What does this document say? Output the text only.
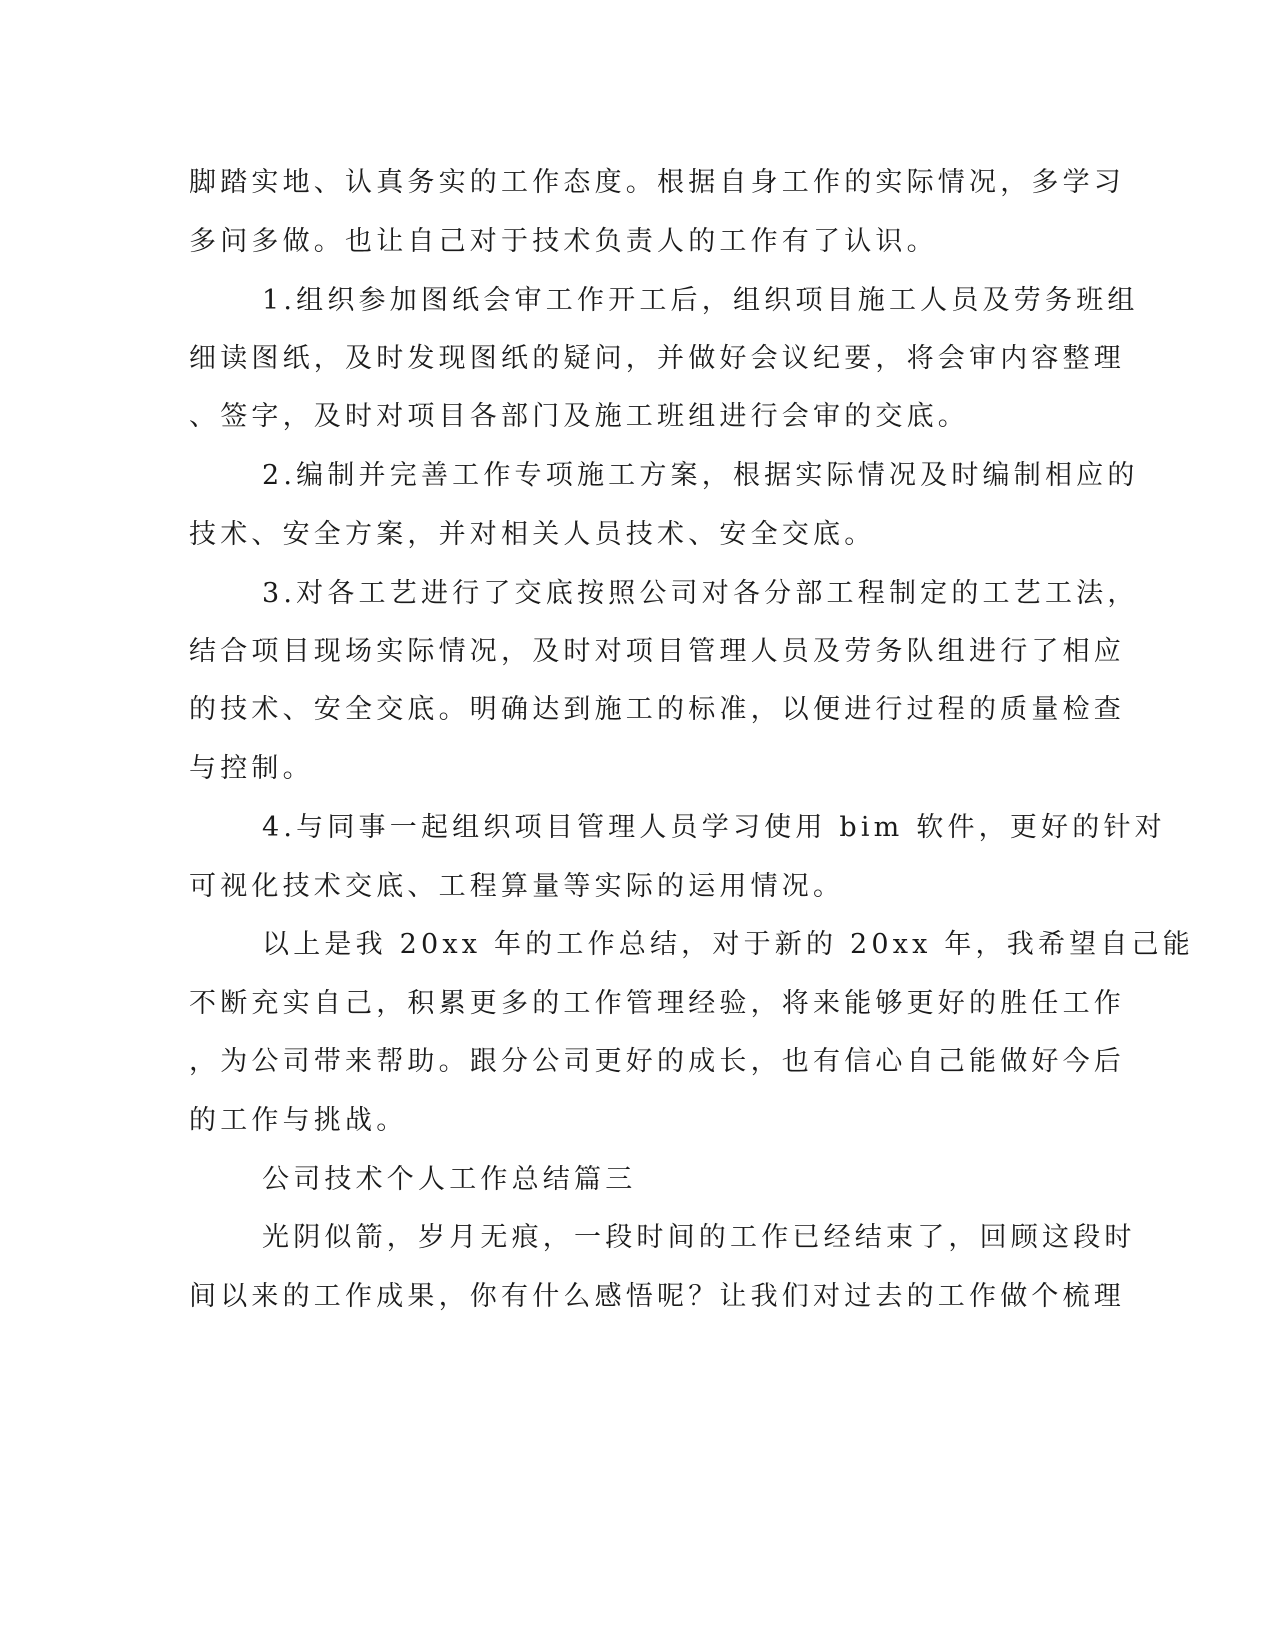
脚踏实地、认真务实的工作态度。根据自身工作的实际情况，多学习
多问多做。也让自己对于技术负责人的工作有了认识。
1.组织参加图纸会审工作开工后，组织项目施工人员及劳务班组
细读图纸，及时发现图纸的疑问，并做好会议纪要，将会审内容整理
、签字，及时对项目各部门及施工班组进行会审的交底。
2.编制并完善工作专项施工方案，根据实际情况及时编制相应的
技术、安全方案，并对相关人员技术、安全交底。
3.对各工艺进行了交底按照公司对各分部工程制定的工艺工法，
结合项目现场实际情况，及时对项目管理人员及劳务队组进行了相应
的技术、安全交底。明确达到施工的标准，以便进行过程的质量检查
与控制。
4.与同事一起组织项目管理人员学习使用 bim 软件，更好的针对
可视化技术交底、工程算量等实际的运用情况。
以上是我 20xx 年的工作总结，对于新的 20xx 年，我希望自己能
不断充实自己，积累更多的工作管理经验，将来能够更好的胜任工作
，为公司带来帮助。跟分公司更好的成长，也有信心自己能做好今后
的工作与挑战。
公司技术个人工作总结篇三
光阴似箭，岁月无痕，一段时间的工作已经结束了，回顾这段时
间以来的工作成果，你有什么感悟呢？让我们对过去的工作做个梳理
